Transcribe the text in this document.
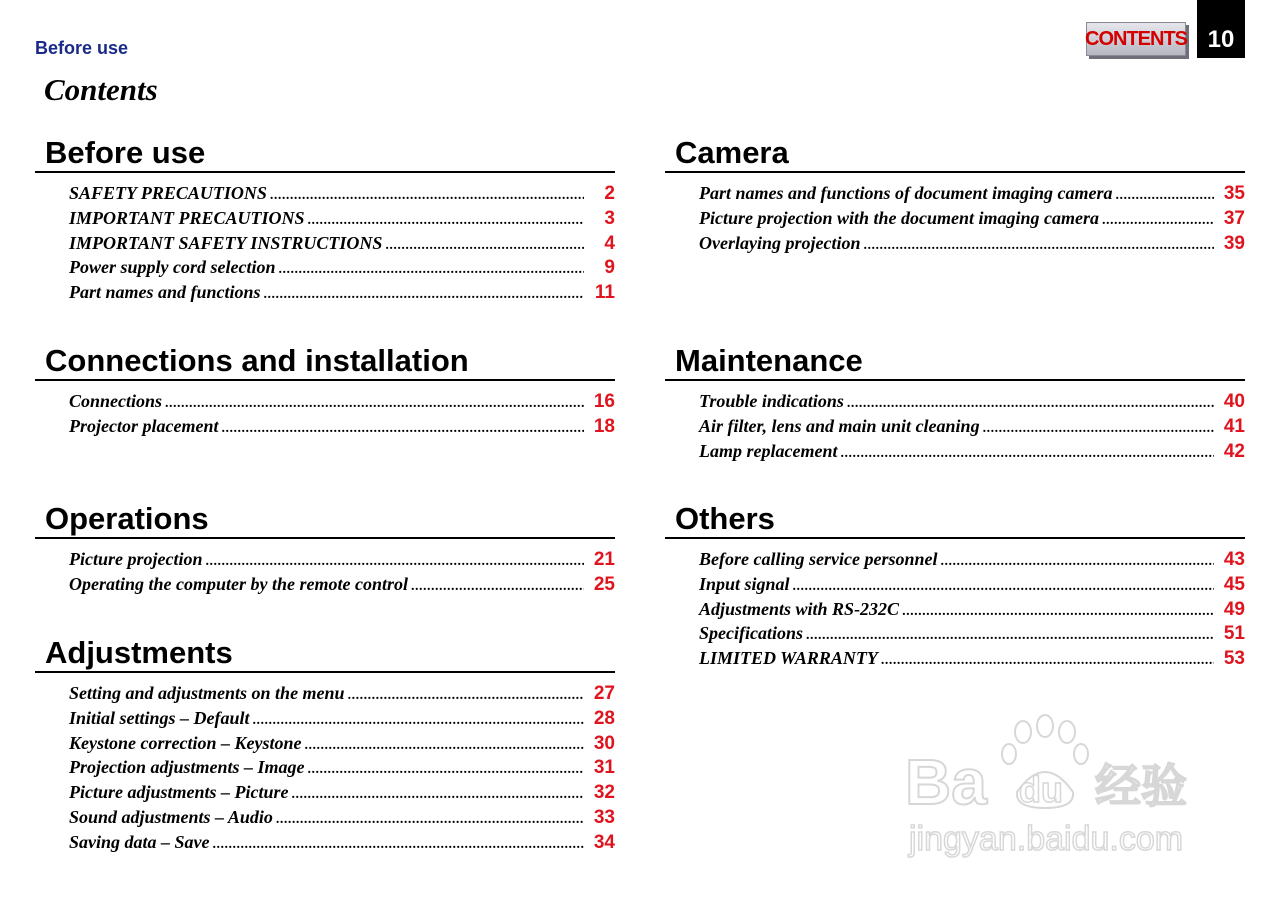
Before use	CONTENTS 10
Contents
Before use
SAFETY PRECAUTIONS .....	2
IMPORTANT PRECAUTIONS .....	3
IMPORTANT SAFETY INSTRUCTIONS .....	4
Power supply cord selection .....	9
Part names and functions .....	11
Connections and installation
Connections .....	16
Projector placement .....	18
Operations
Picture projection .....	21
Operating the computer by the remote control .....	25
Adjustments
Setting and adjustments on the menu .....	27
Initial settings – Default .....	28
Keystone correction – Keystone .....	30
Projection adjustments – Image .....	31
Picture adjustments – Picture .....	32
Sound adjustments – Audio .....	33
Saving data – Save .....	34
Camera
Part names and functions of document imaging camera .....	35
Picture projection with the document imaging camera .....	37
Overlaying projection .....	39
Maintenance
Trouble indications .....	40
Air filter, lens and main unit cleaning .....	41
Lamp replacement .....	42
Others
Before calling service personnel .....	43
Input signal .....	45
Adjustments with RS-232C .....	49
Specifications .....	51
LIMITED WARRANTY .....	53
Ba du 经验
jingyan.baidu.com
